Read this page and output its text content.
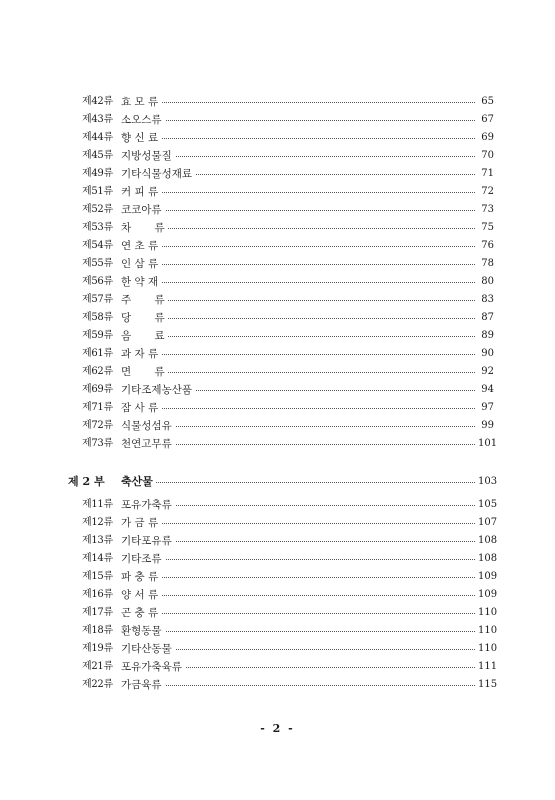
제42류 효 모 류	65
제43류 소오스류	67
제44류 향 신 료	69
제45류 지방성물질	70
제49류 기타식물성재료	71
제51류 커 피 류	72
제52류 코코아류	73
제53류 차       류	75
제54류 연 초 류	76
제55류 인 삼 류	78
제56류 한 약 재	80
제57류 주       류	83
제58류 당       류	87
제59류 음       료	89
제61류 과 자 류	90
제62류 면       류	92
제69류 기타조제농산품	94
제71류 잠 사 류	97
제72류 식물성섬유	99
제73류 천연고무류	101
제 2 부	축산물	103
제11류 포유가축류	105
제12류 가 금 류	107
제13류 기타포유류	108
제14류 기타조류	108
제15류 파 충 류	109
제16류 양 서 류	109
제17류 곤 충 류	110
제18류 환형동물	110
제19류 기타산동물	110
제21류 포유가축육류	111
제22류 가금육류	115
- 2 -
